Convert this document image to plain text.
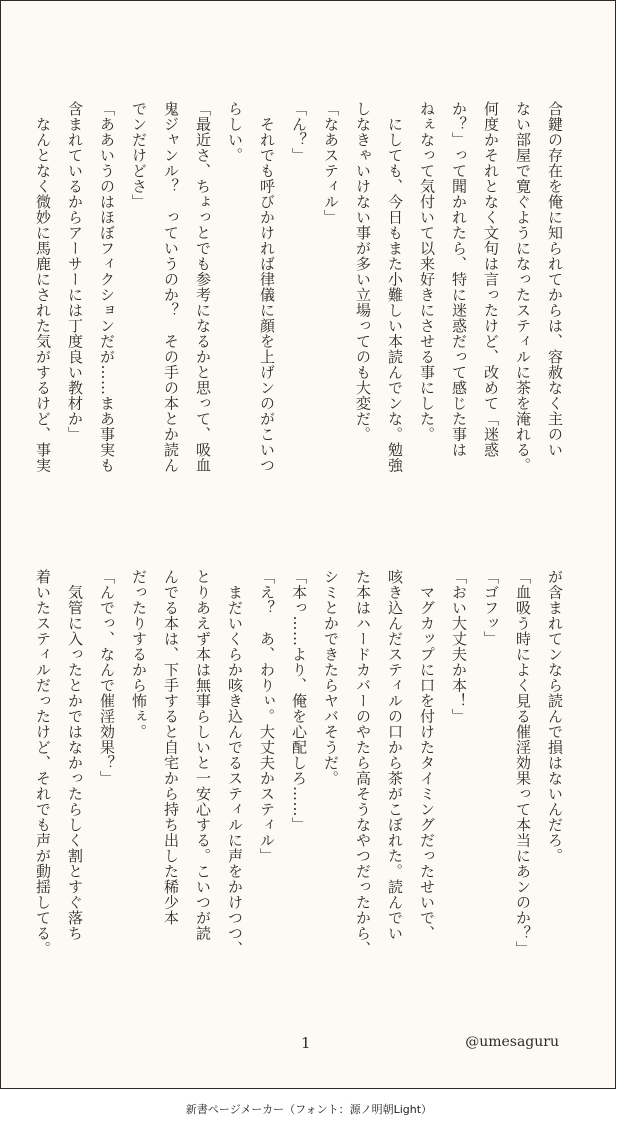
合鍵の存在を俺に知られてからは、容赦なく主のい
ない部屋で寛ぐようになったスティルに茶を淹れる。
何度かそれとなく文句は言ったけど、改めて「迷惑
か？」って聞かれたら、特に迷惑だって感じた事は
ねぇなって気付いて以来好きにさせる事にした。
　にしても、今日もまた小難しい本読んでンな。勉強
しなきゃいけない事が多い立場ってのも大変だ。
「なあスティル」
「ん？」
　それでも呼びかければ律儀に顔を上げンのがこいつ
らしい。
「最近さ、ちょっとでも参考になるかと思って、吸血
鬼ジャンル？　っていうのか？　その手の本とか読ん
でンだけどさ」
「ああいうのはほぼフィクションだが……まあ事実も
含まれているからアーサーには丁度良い教材か」
　なんとなく微妙に馬鹿にされた気がするけど、事実
が含まれてンなら読んで損はないんだろ。
「血吸う時によく見る催淫効果って本当にあンのか？」
「ゴフッ」
「おい大丈夫か本！」
　マグカップに口を付けたタイミングだったせいで、
咳き込んだスティルの口から茶がこぼれた。読んでい
た本はハードカバーのやたら高そうなやつだったから、
シミとかできたらヤバそうだ。
「本っ……より、俺を心配しろ……」
「え？　あ、わりぃ。大丈夫かスティル」
　まだいくらか咳き込んでるスティルに声をかけつつ、
とりあえず本は無事らしいと一安心する。こいつが読
んでる本は、下手すると自宅から持ち出した稀少本
だったりするから怖ぇ。
「んでっ、なんで催淫効果？」
　気管に入ったとかではなかったらしく割とすぐ落ち
着いたスティルだったけど、それでも声が動揺してる。
1	@umesaguru
新書ページメーカー（フォント：源ノ明朝Light）
